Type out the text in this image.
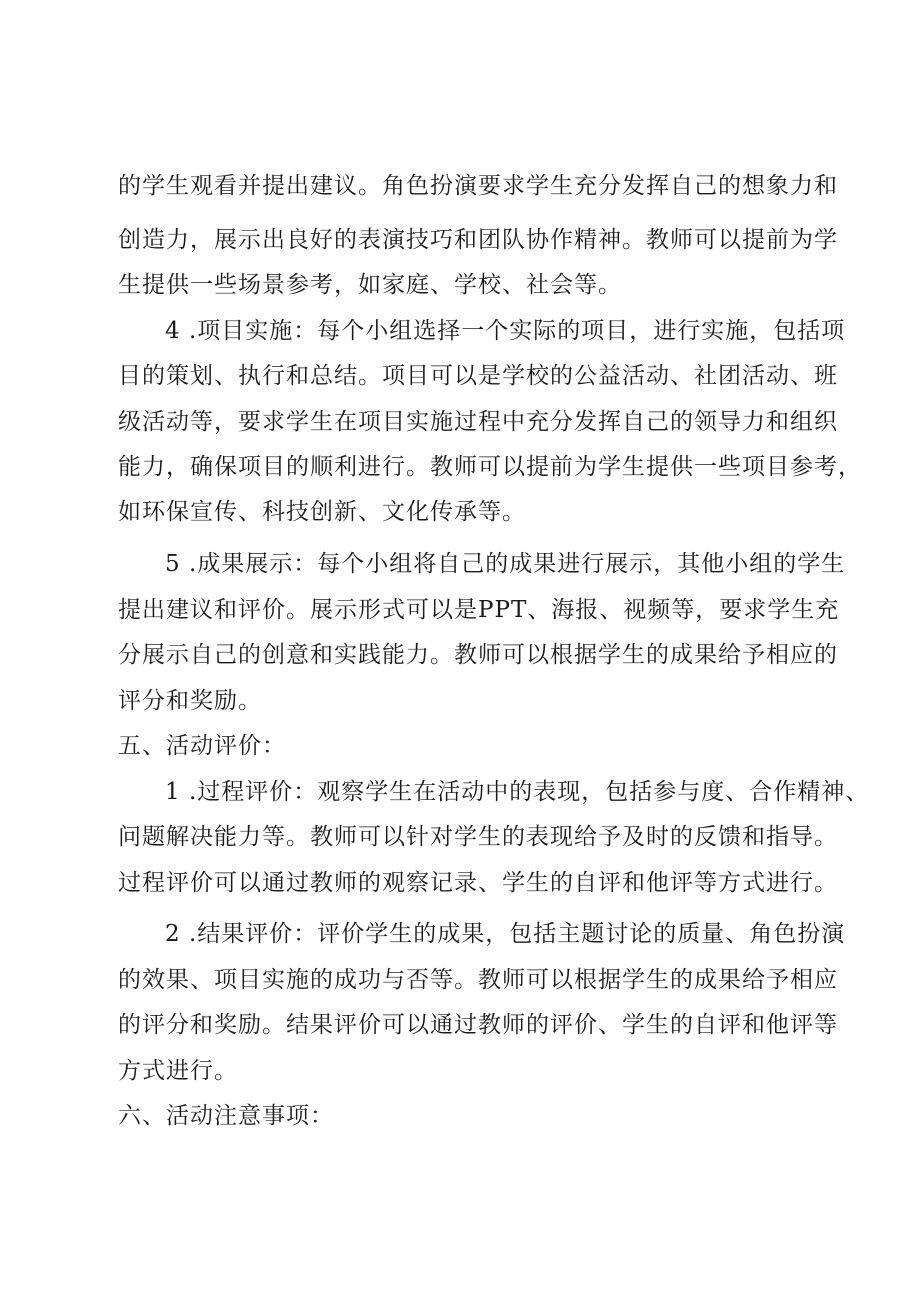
的学生观看并提出建议。角色扮演要求学生充分发挥自己的想象力和
创造力，展示出良好的表演技巧和团队协作精神。教师可以提前为学
生提供一些场景参考，如家庭、学校、社会等。
4 .项目实施：每个小组选择一个实际的项目，进行实施，包括项
目的策划、执行和总结。项目可以是学校的公益活动、社团活动、班
级活动等，要求学生在项目实施过程中充分发挥自己的领导力和组织
能力，确保项目的顺利进行。教师可以提前为学生提供一些项目参考，
如环保宣传、科技创新、文化传承等。
5 .成果展示：每个小组将自己的成果进行展示，其他小组的学生
提出建议和评价。展示形式可以是PPT、海报、视频等，要求学生充
分展示自己的创意和实践能力。教师可以根据学生的成果给予相应的
评分和奖励。
五、活动评价：
1 .过程评价：观察学生在活动中的表现，包括参与度、合作精神、
问题解决能力等。教师可以针对学生的表现给予及时的反馈和指导。
过程评价可以通过教师的观察记录、学生的自评和他评等方式进行。
2 .结果评价：评价学生的成果，包括主题讨论的质量、角色扮演
的效果、项目实施的成功与否等。教师可以根据学生的成果给予相应
的评分和奖励。结果评价可以通过教师的评价、学生的自评和他评等
方式进行。
六、活动注意事项：
